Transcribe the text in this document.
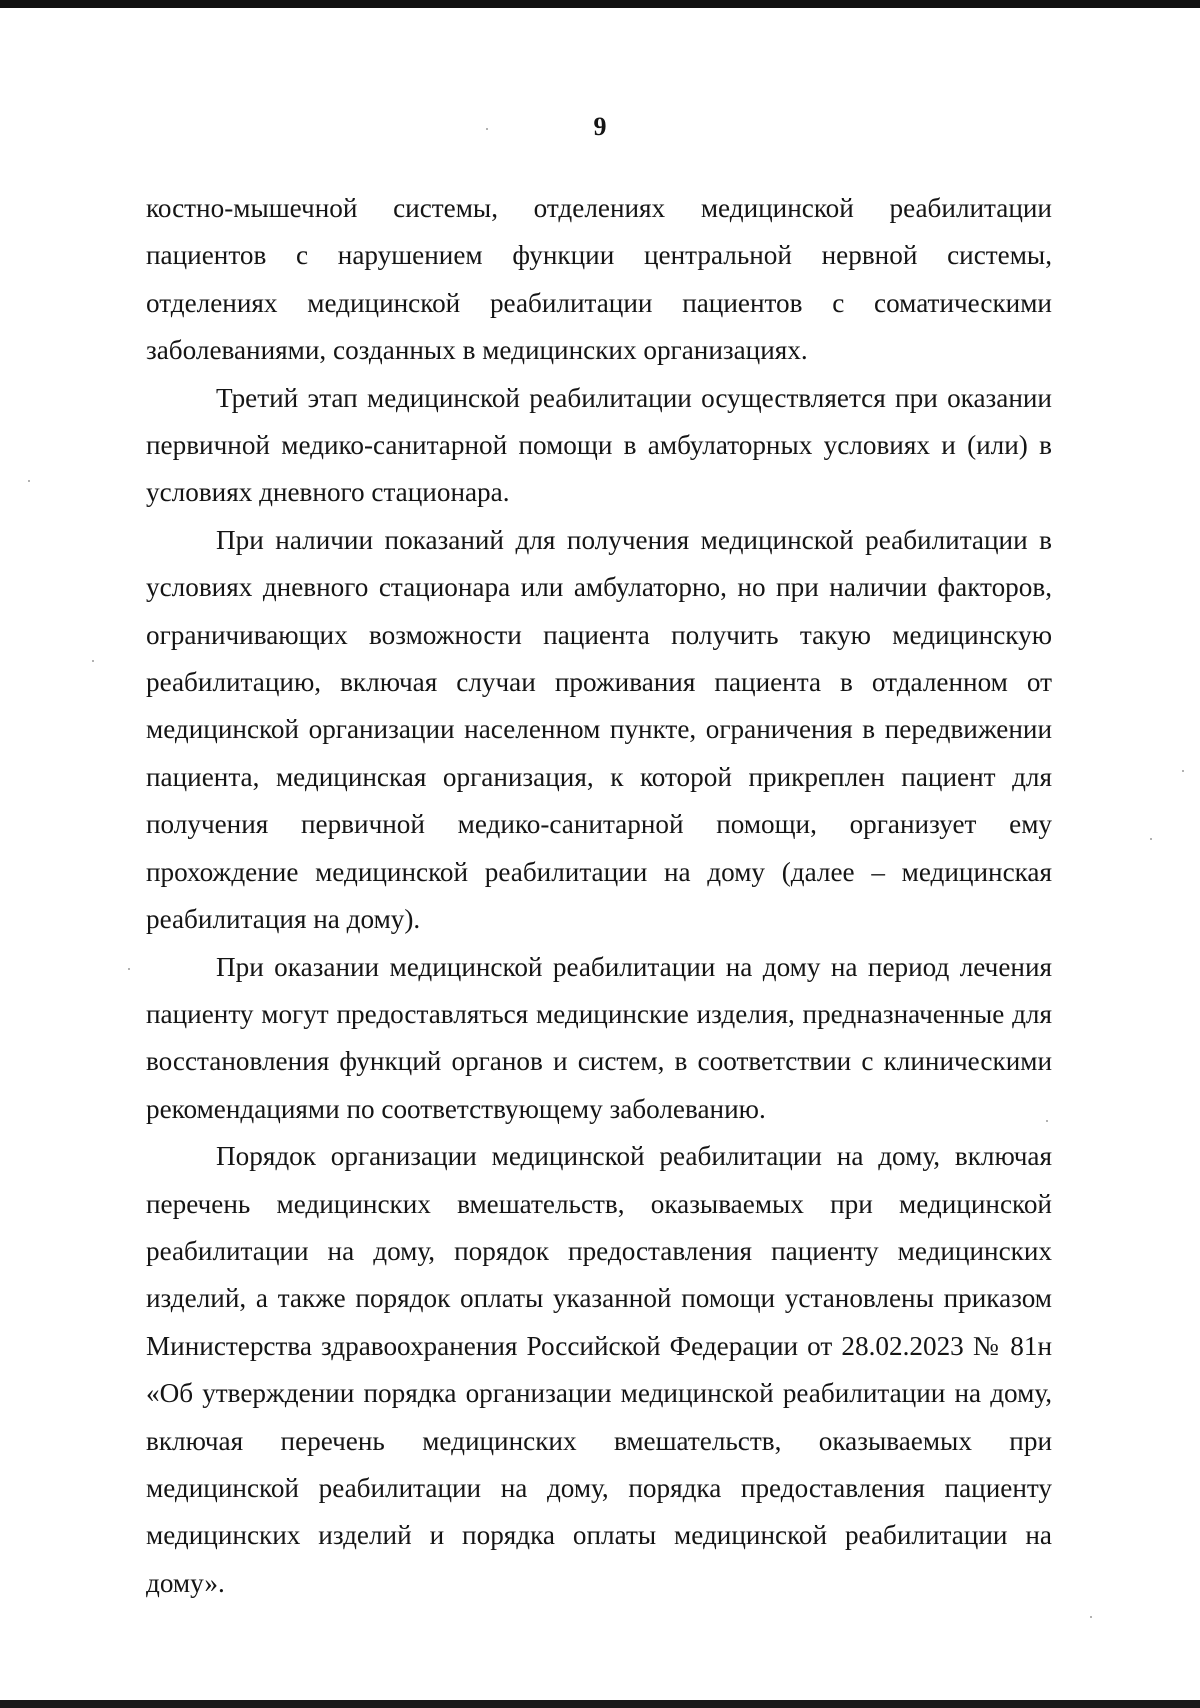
9

костно-мышечной системы, отделениях медицинской реабилитации пациентов с нарушением функции центральной нервной системы, отделениях медицинской реабилитации пациентов с соматическими заболеваниями, созданных в медицинских организациях.

Третий этап медицинской реабилитации осуществляется при оказании первичной медико-санитарной помощи в амбулаторных условиях и (или) в условиях дневного стационара.

При наличии показаний для получения медицинской реабилитации в условиях дневного стационара или амбулаторно, но при наличии факторов, ограничивающих возможности пациента получить такую медицинскую реабилитацию, включая случаи проживания пациента в отдаленном от медицинской организации населенном пункте, ограничения в передвижении пациента, медицинская организация, к которой прикреплен пациент для получения первичной медико-санитарной помощи, организует ему прохождение медицинской реабилитации на дому (далее – медицинская реабилитация на дому).

При оказании медицинской реабилитации на дому на период лечения пациенту могут предоставляться медицинские изделия, предназначенные для восстановления функций органов и систем, в соответствии с клиническими рекомендациями по соответствующему заболеванию.

Порядок организации медицинской реабилитации на дому, включая перечень медицинских вмешательств, оказываемых при медицинской реабилитации на дому, порядок предоставления пациенту медицинских изделий, а также порядок оплаты указанной помощи установлены приказом Министерства здравоохранения Российской Федерации от 28.02.2023 № 81н «Об утверждении порядка организации медицинской реабилитации на дому, включая перечень медицинских вмешательств, оказываемых при медицинской реабилитации на дому, порядка предоставления пациенту медицинских изделий и порядка оплаты медицинской реабилитации на дому».
